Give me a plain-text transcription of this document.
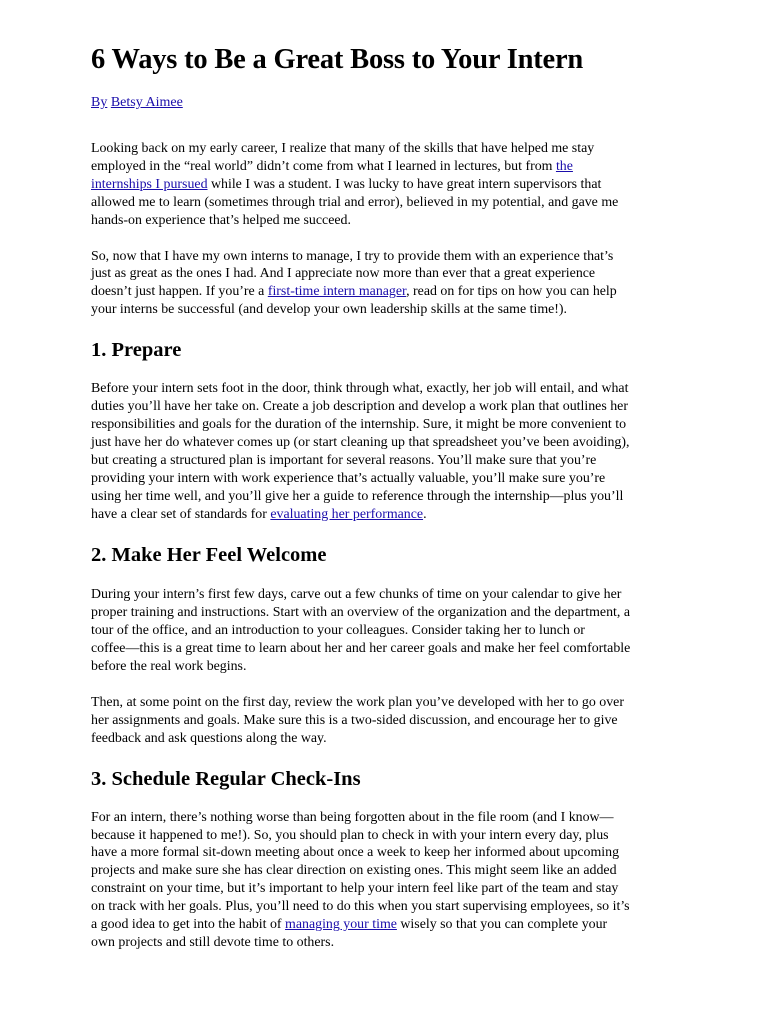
6 Ways to Be a Great Boss to Your Intern

By Betsy Aimee

Looking back on my early career, I realize that many of the skills that have helped me stay
employed in the “real world” didn’t come from what I learned in lectures, but from the
internships I pursued while I was a student. I was lucky to have great intern supervisors that
allowed me to learn (sometimes through trial and error), believed in my potential, and gave me
hands-on experience that’s helped me succeed.

So, now that I have my own interns to manage, I try to provide them with an experience that’s
just as great as the ones I had. And I appreciate now more than ever that a great experience
doesn’t just happen. If you’re a first-time intern manager, read on for tips on how you can help
your interns be successful (and develop your own leadership skills at the same time!).

1. Prepare

Before your intern sets foot in the door, think through what, exactly, her job will entail, and what
duties you’ll have her take on. Create a job description and develop a work plan that outlines her
responsibilities and goals for the duration of the internship. Sure, it might be more convenient to
just have her do whatever comes up (or start cleaning up that spreadsheet you’ve been avoiding),
but creating a structured plan is important for several reasons. You’ll make sure that you’re
providing your intern with work experience that’s actually valuable, you’ll make sure you’re
using her time well, and you’ll give her a guide to reference through the internship—plus you’ll
have a clear set of standards for evaluating her performance.

2. Make Her Feel Welcome

During your intern’s first few days, carve out a few chunks of time on your calendar to give her
proper training and instructions. Start with an overview of the organization and the department, a
tour of the office, and an introduction to your colleagues. Consider taking her to lunch or
coffee—this is a great time to learn about her and her career goals and make her feel comfortable
before the real work begins.

Then, at some point on the first day, review the work plan you’ve developed with her to go over
her assignments and goals. Make sure this is a two-sided discussion, and encourage her to give
feedback and ask questions along the way.

3. Schedule Regular Check-Ins

For an intern, there’s nothing worse than being forgotten about in the file room (and I know—
because it happened to me!). So, you should plan to check in with your intern every day, plus
have a more formal sit-down meeting about once a week to keep her informed about upcoming
projects and make sure she has clear direction on existing ones. This might seem like an added
constraint on your time, but it’s important to help your intern feel like part of the team and stay
on track with her goals. Plus, you’ll need to do this when you start supervising employees, so it’s
a good idea to get into the habit of managing your time wisely so that you can complete your
own projects and still devote time to others.
